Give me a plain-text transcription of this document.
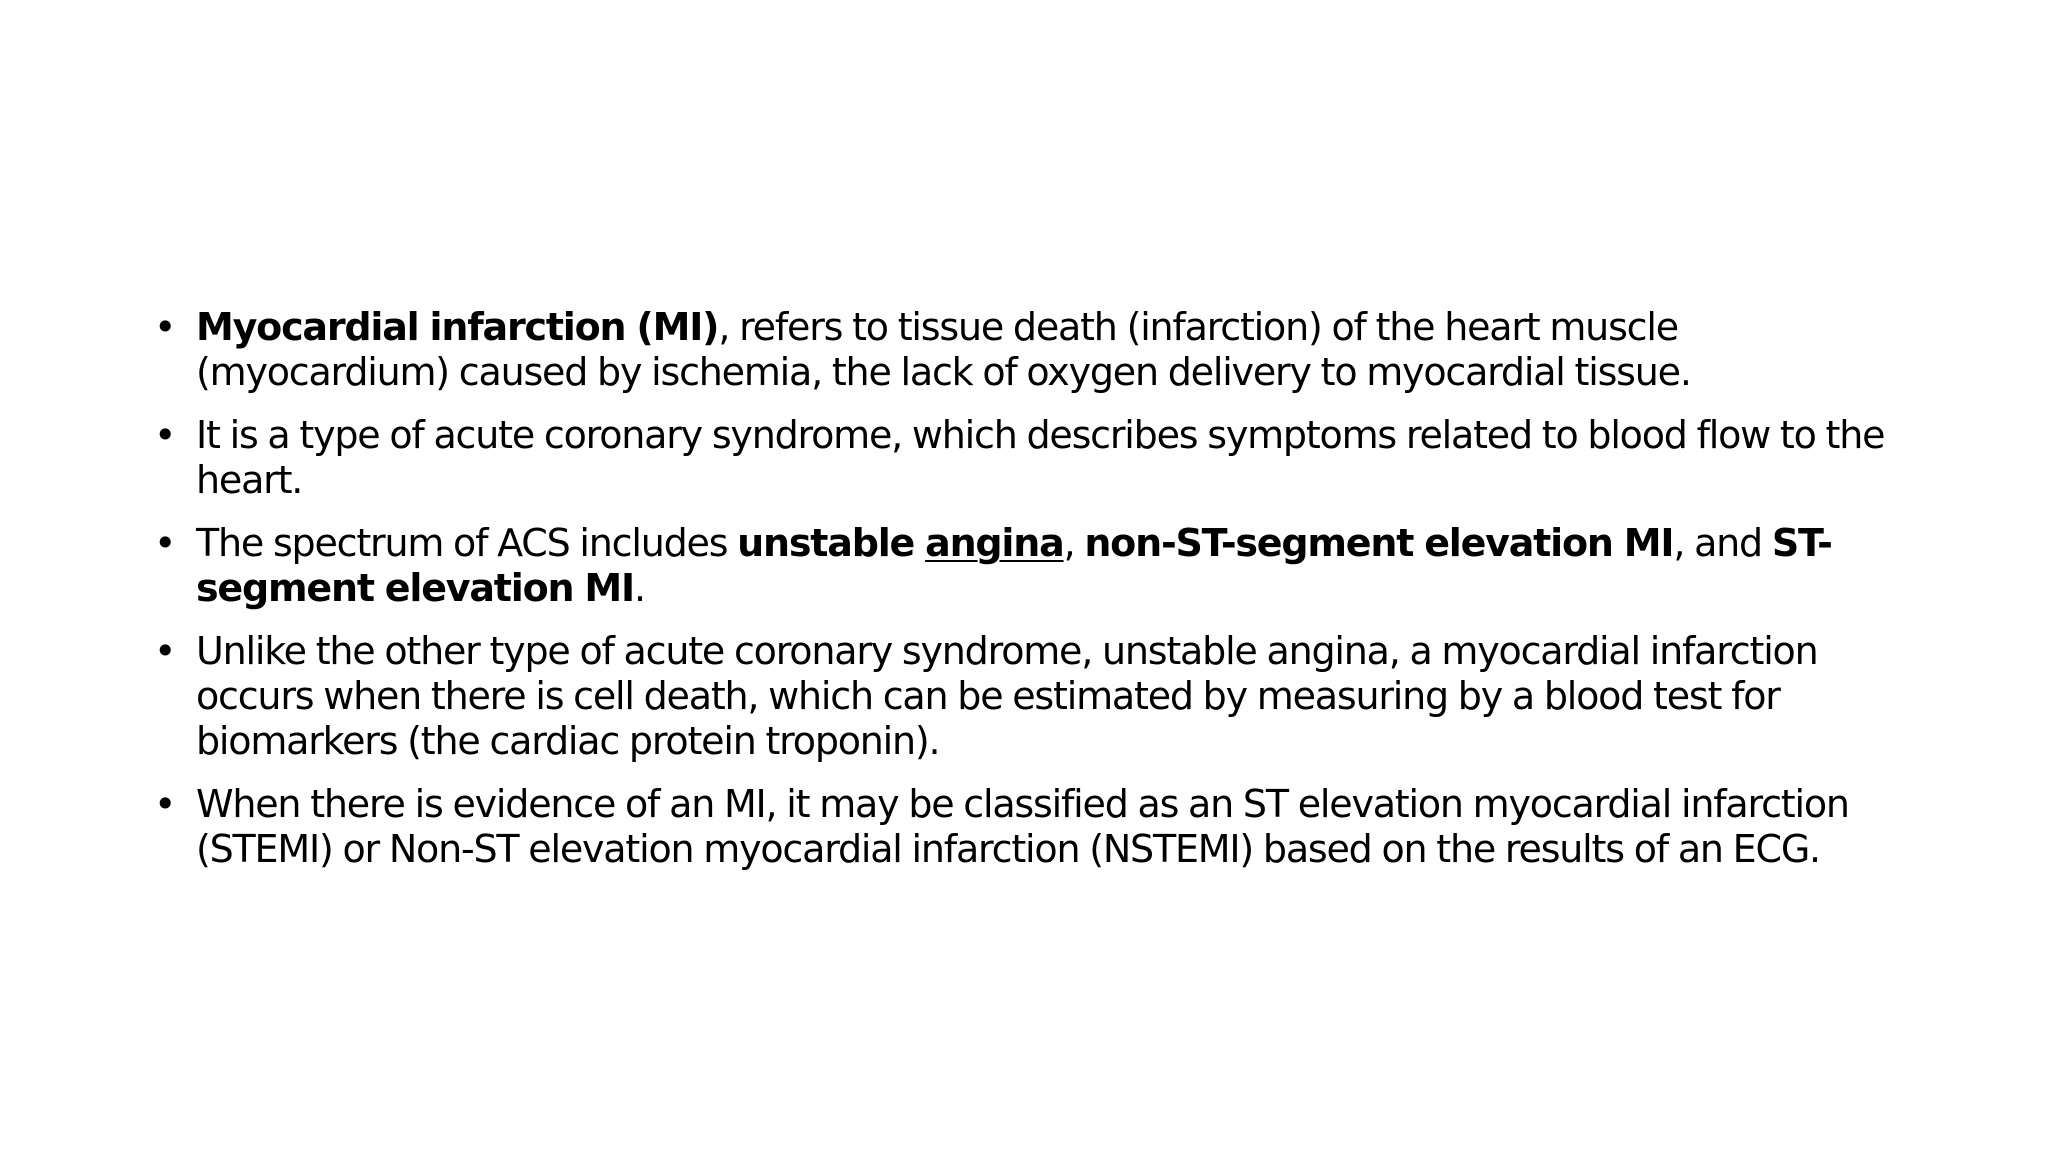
• Myocardial infarction (MI), refers to tissue death (infarction) of the heart muscle (myocardium) caused by ischemia, the lack of oxygen delivery to myocardial tissue.
• It is a type of acute coronary syndrome, which describes symptoms related to blood flow to the heart.
• The spectrum of ACS includes unstable angina, non-ST-segment elevation MI, and ST-segment elevation MI.
• Unlike the other type of acute coronary syndrome, unstable angina, a myocardial infarction occurs when there is cell death, which can be estimated by measuring by a blood test for biomarkers (the cardiac protein troponin).
• When there is evidence of an MI, it may be classified as an ST elevation myocardial infarction (STEMI) or Non-ST elevation myocardial infarction (NSTEMI) based on the results of an ECG.
